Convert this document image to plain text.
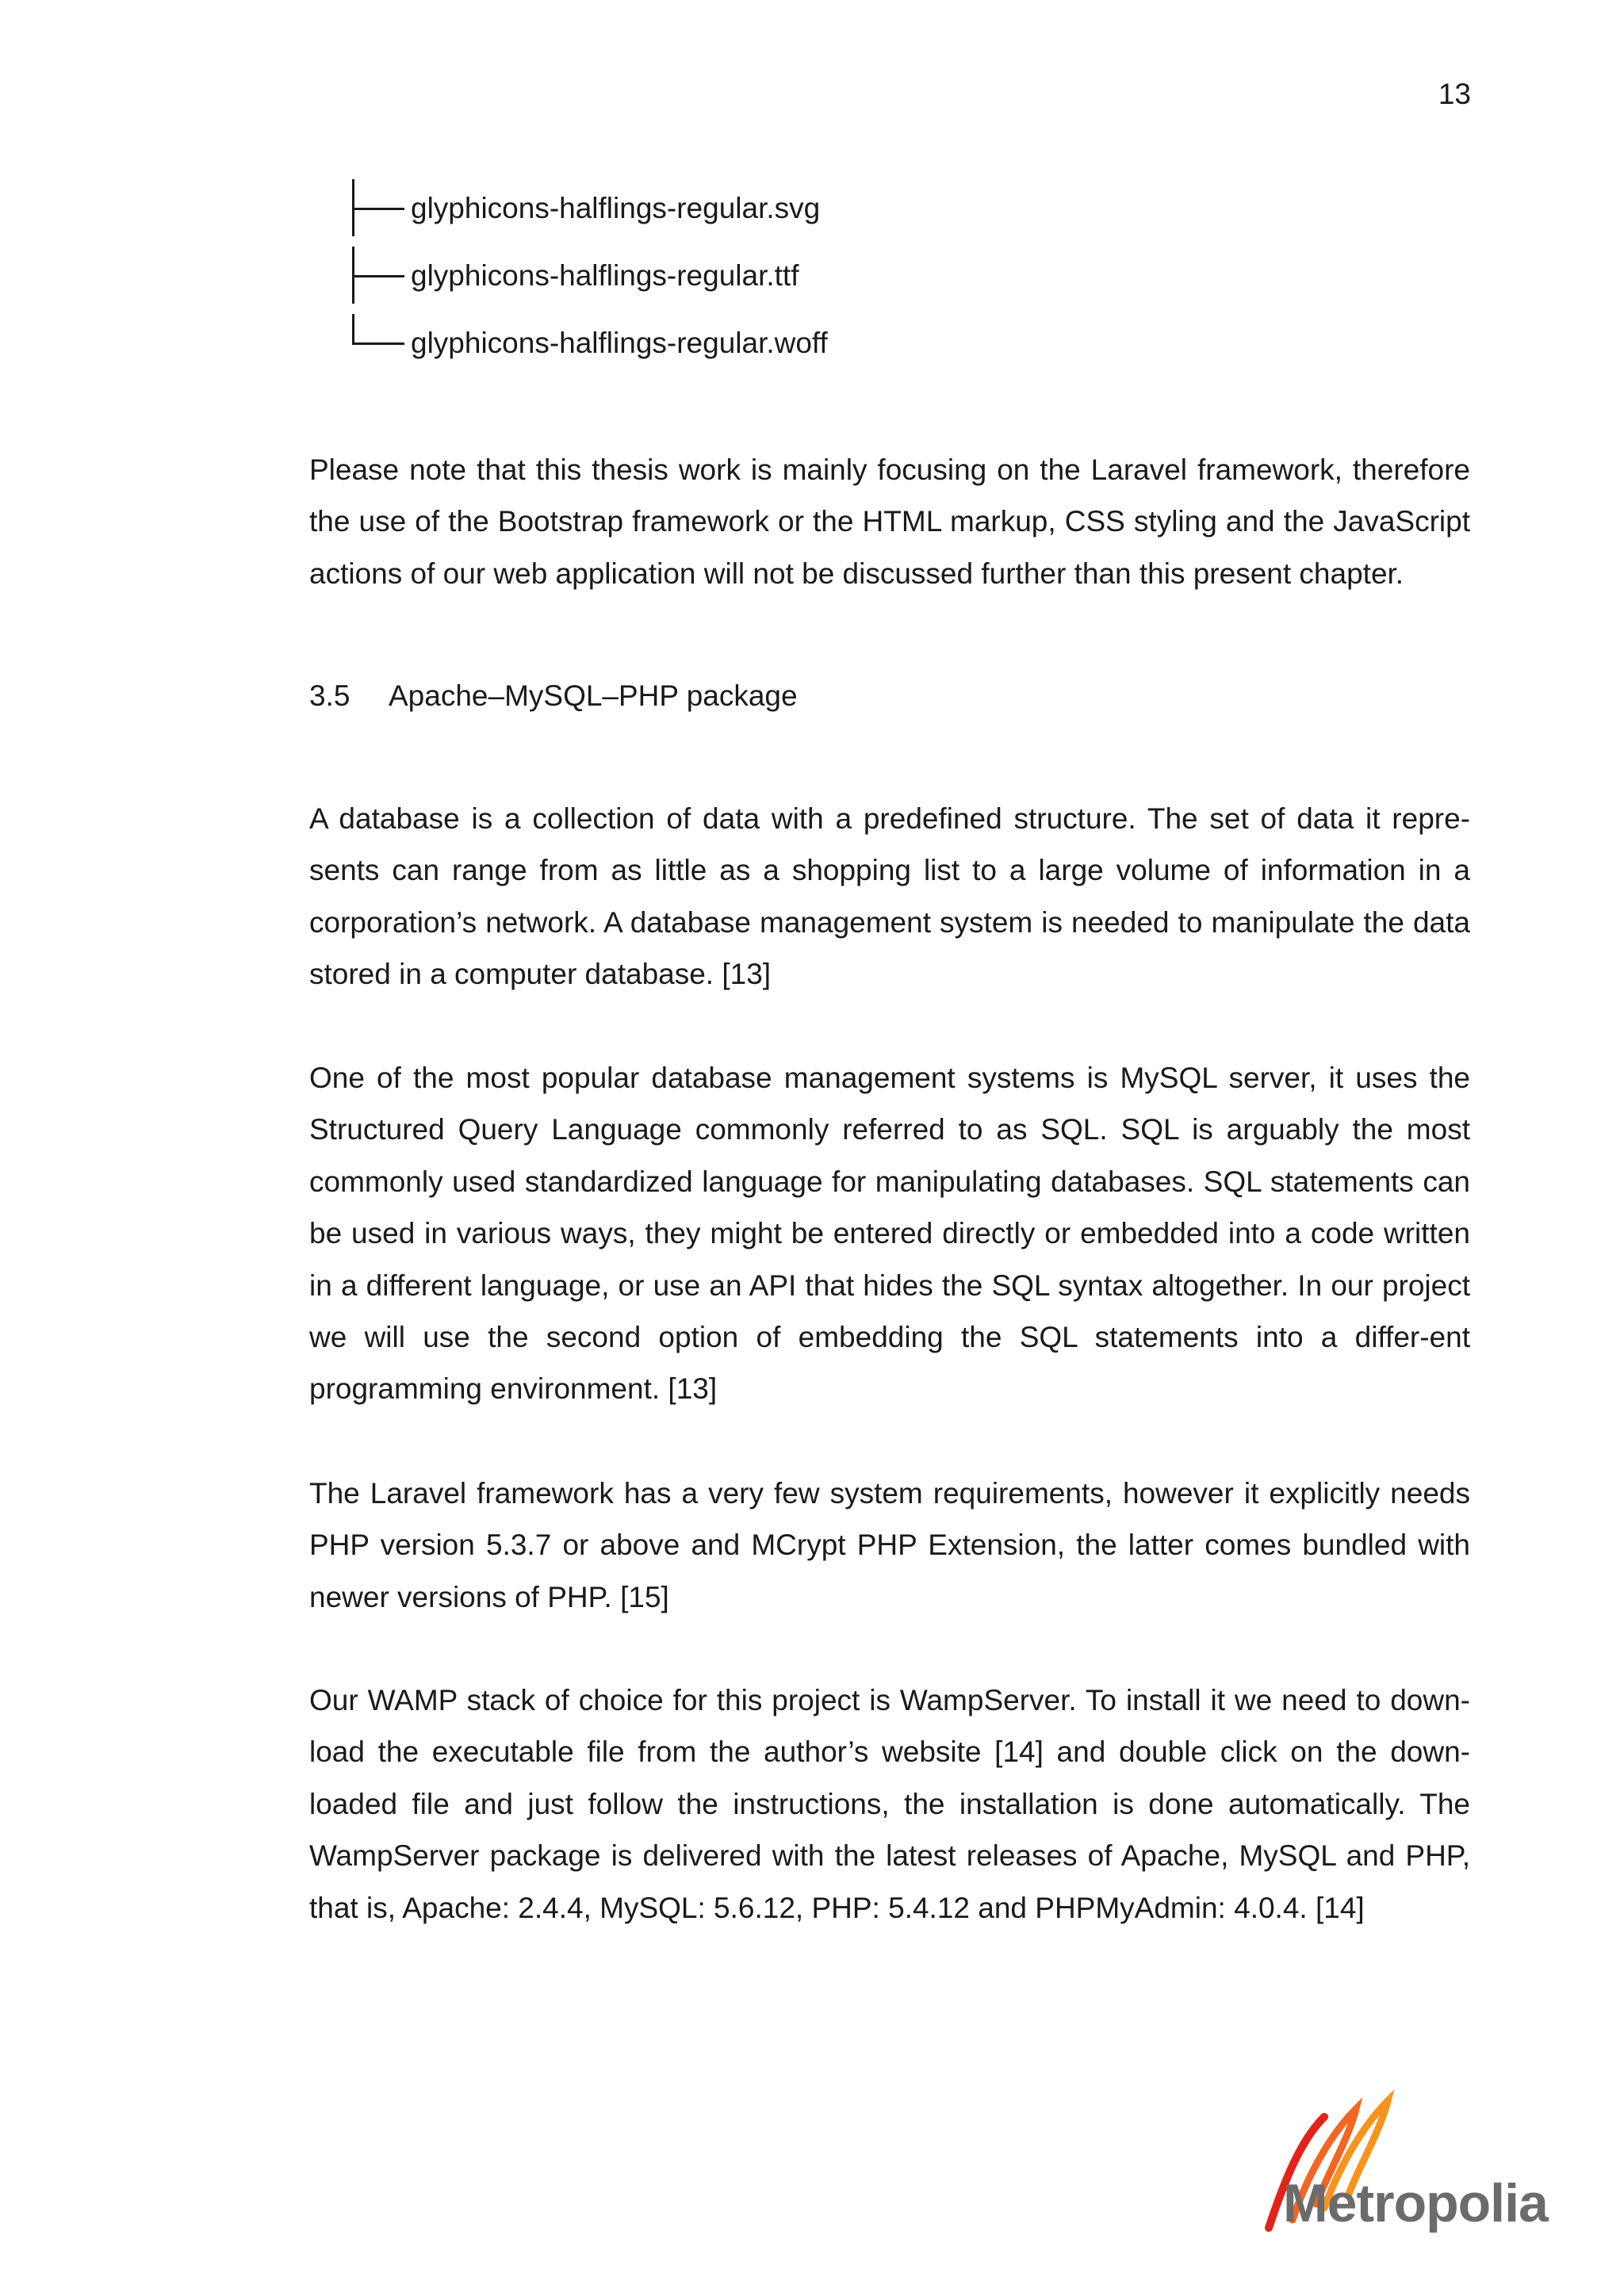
13
glyphicons-halflings-regular.svg
glyphicons-halflings-regular.ttf
glyphicons-halflings-regular.woff

Please note that this thesis work is mainly focusing on the Laravel framework, therefore the use of the Bootstrap framework or the HTML markup, CSS styling and the JavaScript actions of our web application will not be discussed further than this present chapter.

3.5 Apache–MySQL–PHP package

A database is a collection of data with a predefined structure. The set of data it repre-sents can range from as little as a shopping list to a large volume of information in a corporation’s network. A database management system is needed to manipulate the data stored in a computer database. [13]

One of the most popular database management systems is MySQL server, it uses the Structured Query Language commonly referred to as SQL. SQL is arguably the most commonly used standardized language for manipulating databases. SQL statements can be used in various ways, they might be entered directly or embedded into a code written in a different language, or use an API that hides the SQL syntax altogether. In our project we will use the second option of embedding the SQL statements into a differ-ent programming environment. [13]

The Laravel framework has a very few system requirements, however it explicitly needs PHP version 5.3.7 or above and MCrypt PHP Extension, the latter comes bundled with newer versions of PHP. [15]

Our WAMP stack of choice for this project is WampServer. To install it we need to down-load the executable file from the author’s website [14] and double click on the down-loaded file and just follow the instructions, the installation is done automatically. The WampServer package is delivered with the latest releases of Apache, MySQL and PHP, that is, Apache: 2.4.4, MySQL: 5.6.12, PHP: 5.4.12 and PHPMyAdmin: 4.0.4. [14]

Metropolia
